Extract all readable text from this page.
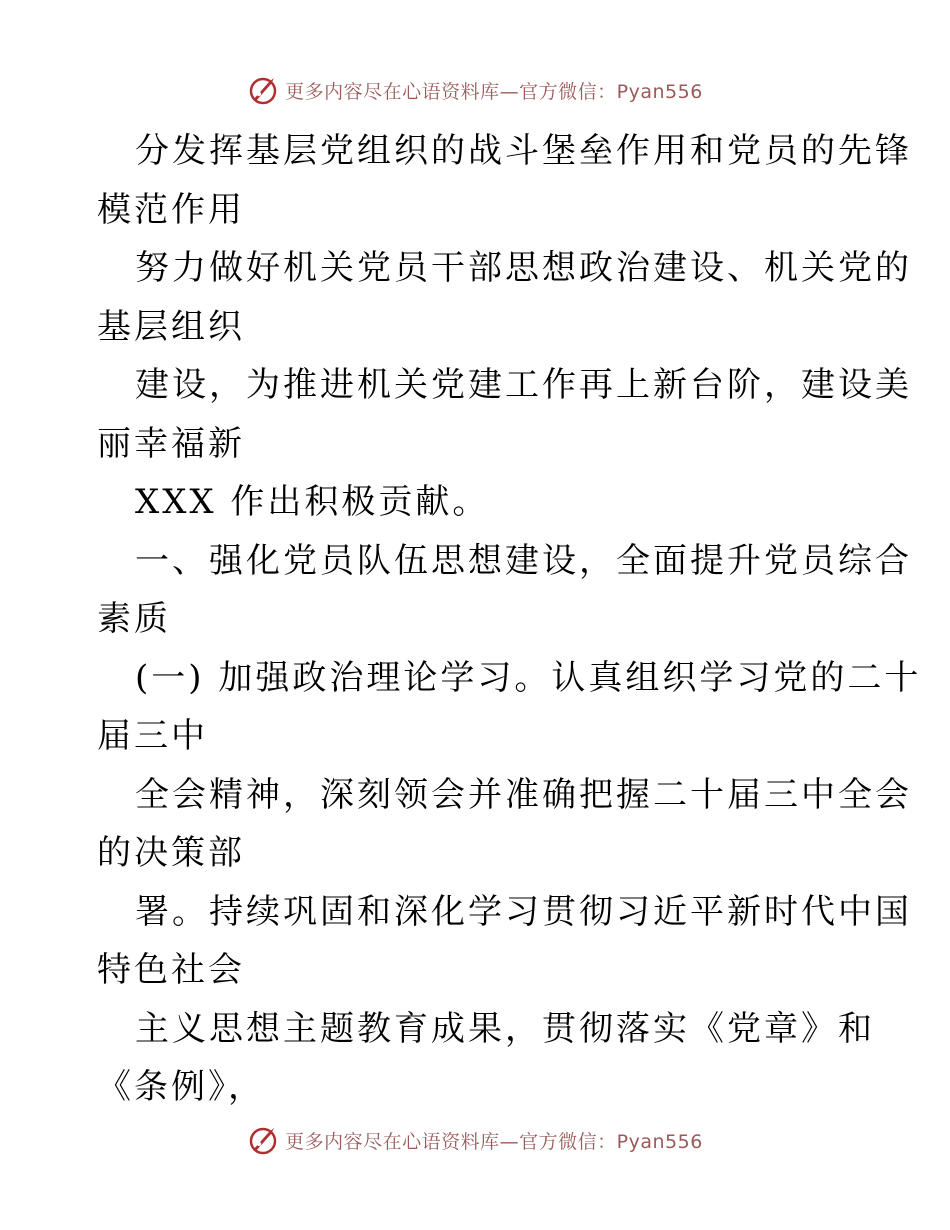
更多内容尽在心语资料库—官方微信：Pyan556
分发挥基层党组织的战斗堡垒作用和党员的先锋
模范作用
努力做好机关党员干部思想政治建设、机关党的
基层组织
建设，为推进机关党建工作再上新台阶，建设美
丽幸福新
XXX 作出积极贡献。
一、强化党员队伍思想建设，全面提升党员综合
素质
(一) 加强政治理论学习。认真组织学习党的二十
届三中
全会精神，深刻领会并准确把握二十届三中全会
的决策部
署。持续巩固和深化学习贯彻习近平新时代中国
特色社会
主义思想主题教育成果，贯彻落实《党章》和
《条例》，
更多内容尽在心语资料库—官方微信：Pyan556
